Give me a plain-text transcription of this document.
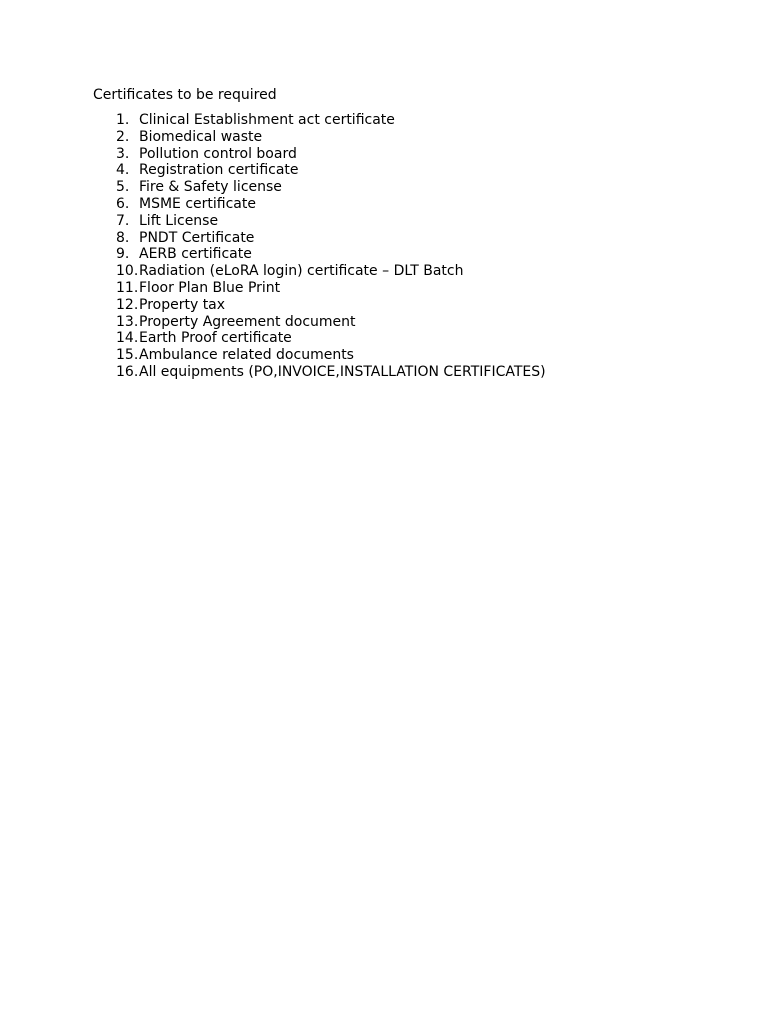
Certificates to be required
1. Clinical Establishment act certificate
2. Biomedical waste
3. Pollution control board
4. Registration certificate
5. Fire & Safety license
6. MSME certificate
7. Lift License
8. PNDT Certificate
9. AERB certificate
10. Radiation (eLoRA login) certificate – DLT Batch
11. Floor Plan Blue Print
12. Property tax
13. Property Agreement document
14. Earth Proof certificate
15. Ambulance related documents
16. All equipments (PO,INVOICE,INSTALLATION CERTIFICATES)
